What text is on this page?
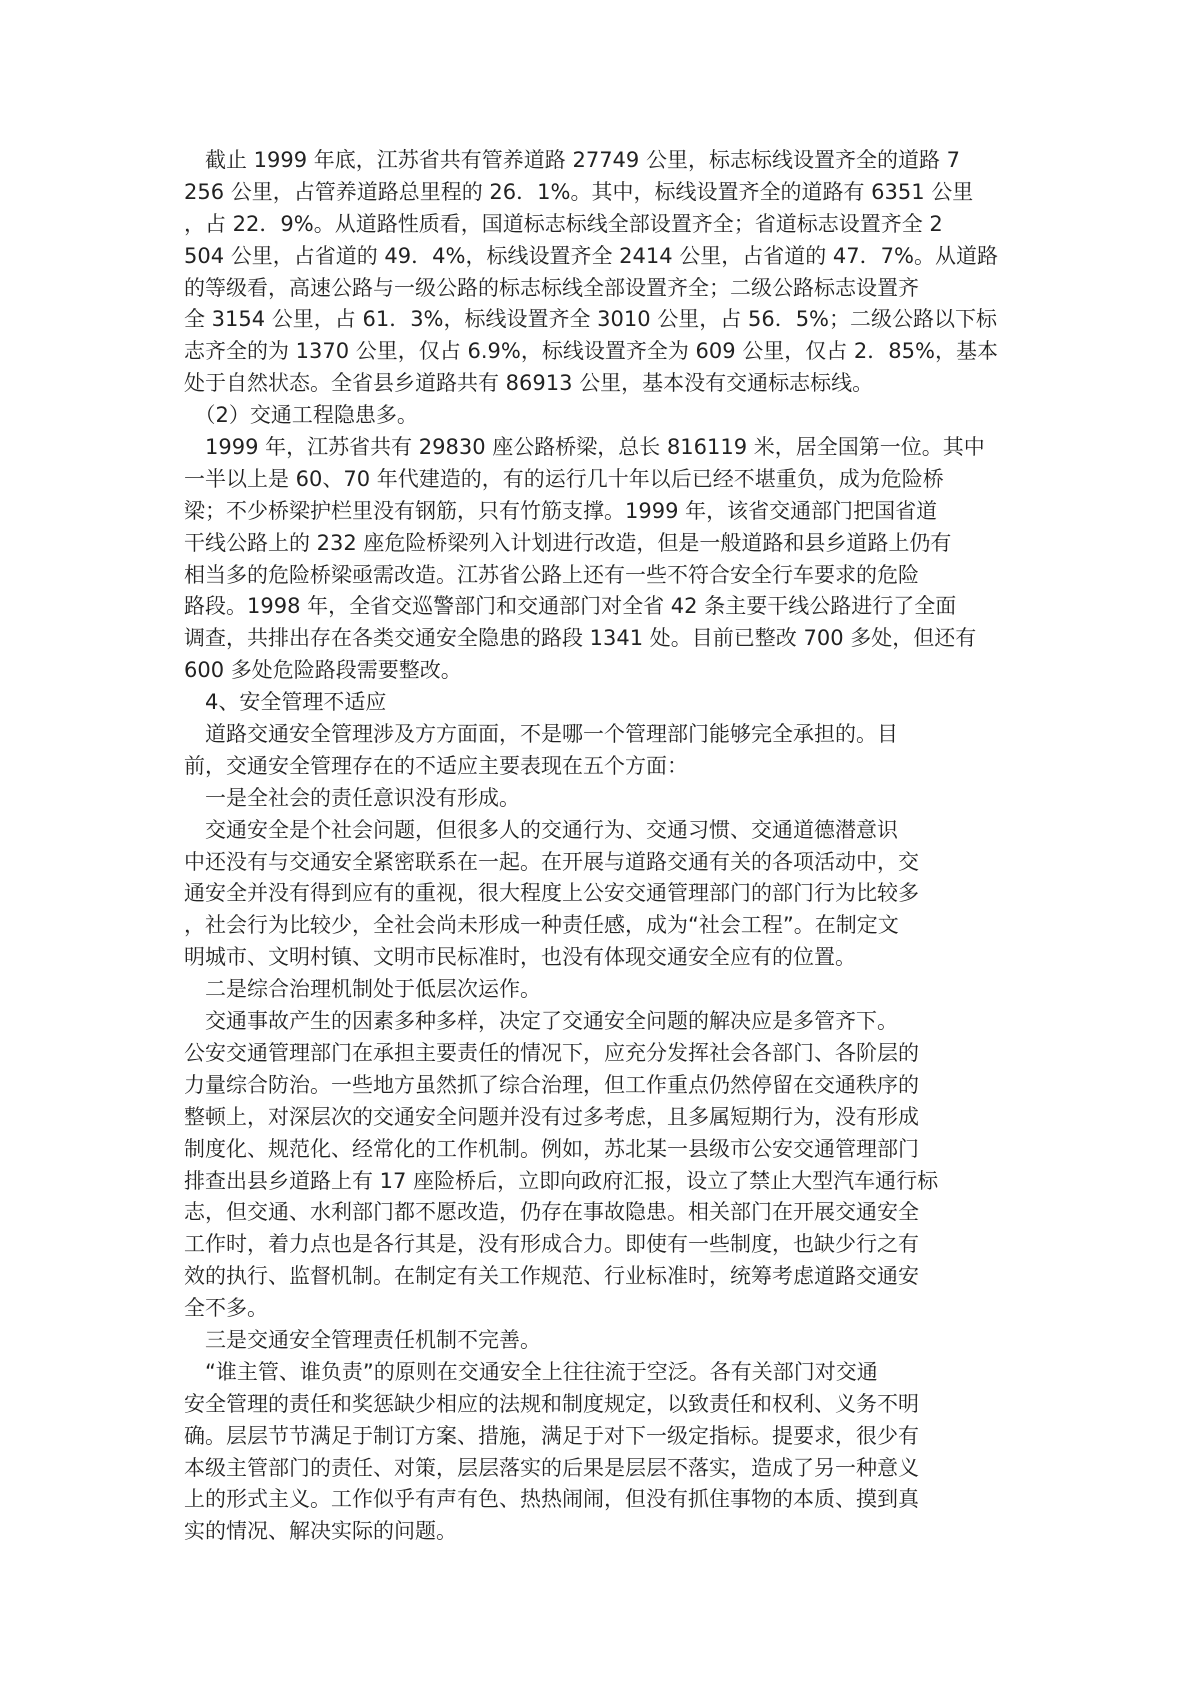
　截止 1999 年底，江苏省共有管养道路 27749 公里，标志标线设置齐全的道路 7
256 公里，占管养道路总里程的 26．1%。其中，标线设置齐全的道路有 6351 公里
，占 22．9%。从道路性质看，国道标志标线全部设置齐全；省道标志设置齐全 2
504 公里，占省道的 49．4%，标线设置齐全 2414 公里，占省道的 47．7%。从道路
的等级看，高速公路与一级公路的标志标线全部设置齐全；二级公路标志设置齐
全 3154 公里，占 61．3%，标线设置齐全 3010 公里，占 56．5%；二级公路以下标
志齐全的为 1370 公里，仅占 6.9%，标线设置齐全为 609 公里，仅占 2．85%，基本
处于自然状态。全省县乡道路共有 86913 公里，基本没有交通标志标线。
　（2）交通工程隐患多。
　1999 年，江苏省共有 29830 座公路桥梁，总长 816119 米，居全国第一位。其中
一半以上是 60、70 年代建造的，有的运行几十年以后已经不堪重负，成为危险桥
梁；不少桥梁护栏里没有钢筋，只有竹筋支撑。1999 年，该省交通部门把国省道
干线公路上的 232 座危险桥梁列入计划进行改造，但是一般道路和县乡道路上仍有
相当多的危险桥梁亟需改造。江苏省公路上还有一些不符合安全行车要求的危险
路段。1998 年，全省交巡警部门和交通部门对全省 42 条主要干线公路进行了全面
调查，共排出存在各类交通安全隐患的路段 1341 处。目前已整改 700 多处，但还有
600 多处危险路段需要整改。
　4、安全管理不适应
　道路交通安全管理涉及方方面面，不是哪一个管理部门能够完全承担的。目
前，交通安全管理存在的不适应主要表现在五个方面：
　一是全社会的责任意识没有形成。
　交通安全是个社会问题，但很多人的交通行为、交通习惯、交通道德潜意识
中还没有与交通安全紧密联系在一起。在开展与道路交通有关的各项活动中，交
通安全并没有得到应有的重视，很大程度上公安交通管理部门的部门行为比较多
，社会行为比较少，全社会尚未形成一种责任感，成为“社会工程”。在制定文
明城市、文明村镇、文明市民标准时，也没有体现交通安全应有的位置。
　二是综合治理机制处于低层次运作。
　交通事故产生的因素多种多样，决定了交通安全问题的解决应是多管齐下。
公安交通管理部门在承担主要责任的情况下，应充分发挥社会各部门、各阶层的
力量综合防治。一些地方虽然抓了综合治理，但工作重点仍然停留在交通秩序的
整顿上，对深层次的交通安全问题并没有过多考虑，且多属短期行为，没有形成
制度化、规范化、经常化的工作机制。例如，苏北某一县级市公安交通管理部门
排查出县乡道路上有 17 座险桥后，立即向政府汇报，设立了禁止大型汽车通行标
志，但交通、水利部门都不愿改造，仍存在事故隐患。相关部门在开展交通安全
工作时，着力点也是各行其是，没有形成合力。即使有一些制度，也缺少行之有
效的执行、监督机制。在制定有关工作规范、行业标准时，统筹考虑道路交通安
全不多。
　三是交通安全管理责任机制不完善。
　“谁主管、谁负责”的原则在交通安全上往往流于空泛。各有关部门对交通
安全管理的责任和奖惩缺少相应的法规和制度规定，以致责任和权利、义务不明
确。层层节节满足于制订方案、措施，满足于对下一级定指标。提要求，很少有
本级主管部门的责任、对策，层层落实的后果是层层不落实，造成了另一种意义
上的形式主义。工作似乎有声有色、热热闹闹，但没有抓住事物的本质、摸到真
实的情况、解决实际的问题。
